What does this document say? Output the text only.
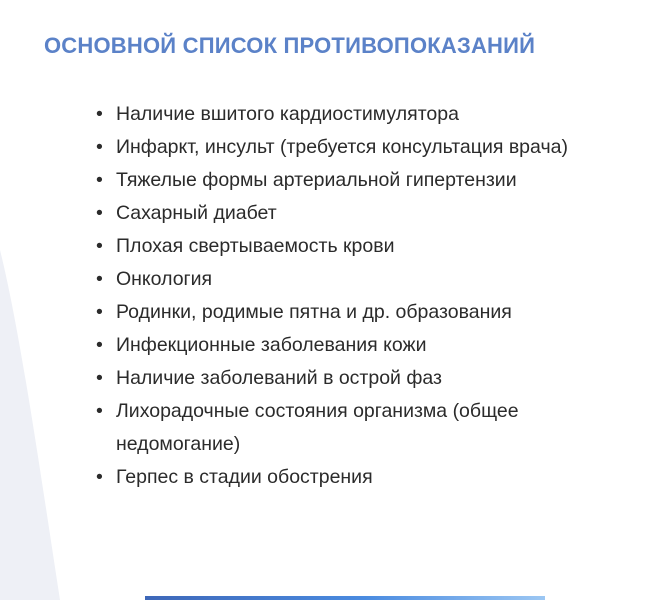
ОСНОВНОЙ СПИСОК ПРОТИВОПОКАЗАНИЙ
• Наличие вшитого кардиостимулятора
• Инфаркт, инсульт (требуется консультация врача)
• Тяжелые формы артериальной гипертензии
• Сахарный диабет
• Плохая свертываемость крови
• Онкология
• Родинки, родимые пятна и др. образования
• Инфекционные заболевания кожи
• Наличие заболеваний в острой фаз
• Лихорадочные состояния организма (общее недомогание)
• Герпес в стадии обострения
